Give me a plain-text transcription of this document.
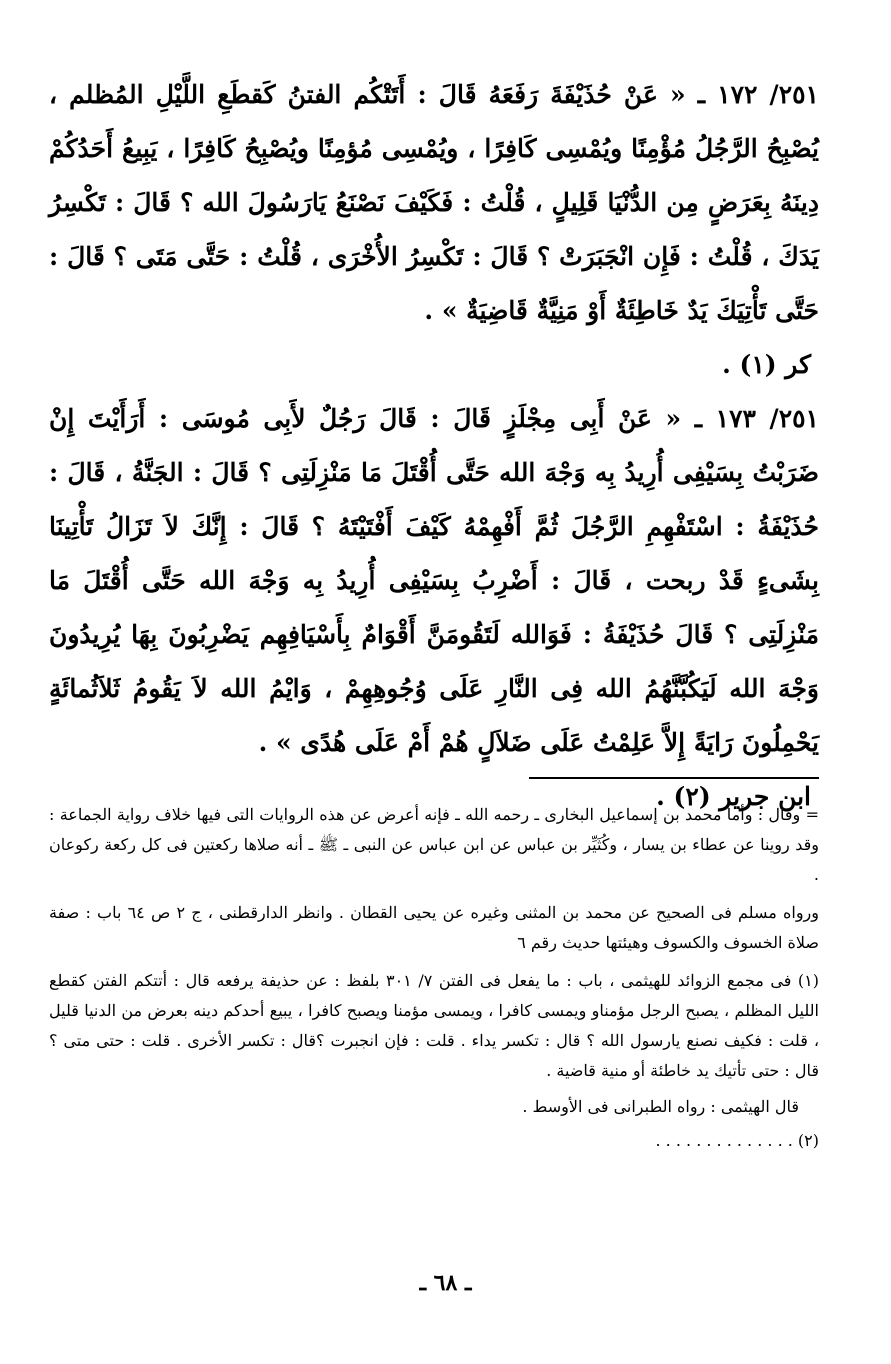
٢٥١/ ١٧٢ ـ « عَنْ حُذَيْفَةَ رَفَعَهُ قَالَ : أَتَتْكُم الفتنُ كَقطَعِ اللَّيْلِ المُظلم ، يُصْبِحُ الرَّجُلُ مُؤْمِنًا ويُمْسِى كَافِرًا ، ويُمْسِى مُؤمِنًا ويُصْبِحُ كَافِرًا ، يَبِيعُ أَحَدُكُمْ دِينَهُ بِعَرَضٍ مِن الدُّنْيَا قَلِيلٍ ، قُلْتُ : فَكَيْفَ نَصْنَعُ يَارَسُولَ الله ؟ قَالَ : تَكْسِرُ يَدَكَ ، قُلْتُ : فَإِن انْجَبَرَتْ ؟ قَالَ : تَكْسِرُ الأُخْرَى ، قُلْتُ : حَتَّى مَتَى ؟ قَالَ : حَتَّى تَأْتِيَكَ يَدٌ خَاطِئَةٌ أَوْ مَنِيَّةٌ قَاضِيَةٌ » .

كر (١) .

٢٥١/ ١٧٣ ـ « عَنْ أَبِى مِجْلَزٍ قَالَ : قَالَ رَجُلٌ لأَبِى مُوسَى : أَرَأَيْتَ إِنْ ضَرَبْتُ بِسَيْفِى أُرِيدُ بِه وَجْهَ الله حَتَّى أُقْتَلَ مَا مَنْزِلَتِى ؟ قَالَ : الجَنَّةُ ، قَالَ : حُذَيْفَةُ : اسْتَفْهِمِ الرَّجُلَ ثُمَّ أَفْهِمْهُ كَيْفَ أَفْتَيْتَهُ ؟ قَالَ : إِنَّكَ لاَ تَزَالُ تَأْتِينَا بِشَىءٍ قَدْ ربحت ، قَالَ : أَضْرِبُ بِسَيْفِى أُرِيدُ بِه وَجْهَ الله حَتَّى أُقْتَلَ مَا مَنْزِلَتِى ؟ قَالَ حُذَيْفَةُ : فَوَالله لَتَقُومَنَّ أَقْوَامٌ بِأَسْيَافِهِم يَضْرِبُونَ بِهَا يُرِيدُونَ وَجْهَ الله لَيَكُبَّنَّهُمُ الله فِى النَّارِ عَلَى وُجُوهِهِمْ ، وَايْمُ الله لاَ يَقُومُ ثَلاَثُمائَةٍ يَحْمِلُونَ رَايَةً إِلاَّ عَلِمْتُ عَلَى ضَلاَلٍ هُمْ أَمْ عَلَى هُدًى » .

ابن جرير (٢) .

= وقال : وأما محمد بن إسماعيل البخارى ـ رحمه الله ـ فإنه أعرض عن هذه الروايات التى فيها خلاف رواية الجماعة : وقد روينا عن عطاء بن يسار ، وكُثَيِّر بن عباس عن ابن عباس عن النبى ـ ﷺ ـ أنه صلاها ركعتين فى كل ركعة ركوعان .

ورواه مسلم فى الصحيح عن محمد بن المثنى وغيره عن يحيى القطان . وانظر الدارقطنى ، ج ٢ ص ٦٤ باب : صفة صلاة الخسوف والكسوف وهيئتها حديث رقم ٦

(١) فى مجمع الزوائد للهيثمى ، باب : ما يفعل فى الفتن ٧/ ٣٠١ بلفظ : عن حذيفة يرفعه قال : أتتكم الفتن كقطع الليل المظلم ، يصبح الرجل مؤمناو ويمسى كافرا ، ويمسى مؤمنا ويصبح كافرا ، يبيع أحدكم دينه بعرض من الدنيا قليل ، قلت : فكيف نصنع يارسول الله ؟ قال : تكسر يداء . قلت : فإن انجبرت ؟قال : تكسر الأخرى . قلت : حتى متى ؟ قال : حتى تأتيك يد خاطئة أو منية قاضية .

قال الهيثمى : رواه الطبرانى فى الأوسط .

(٢) . . . . . . . . . . . . . .

ـ ٦٨ ـ
